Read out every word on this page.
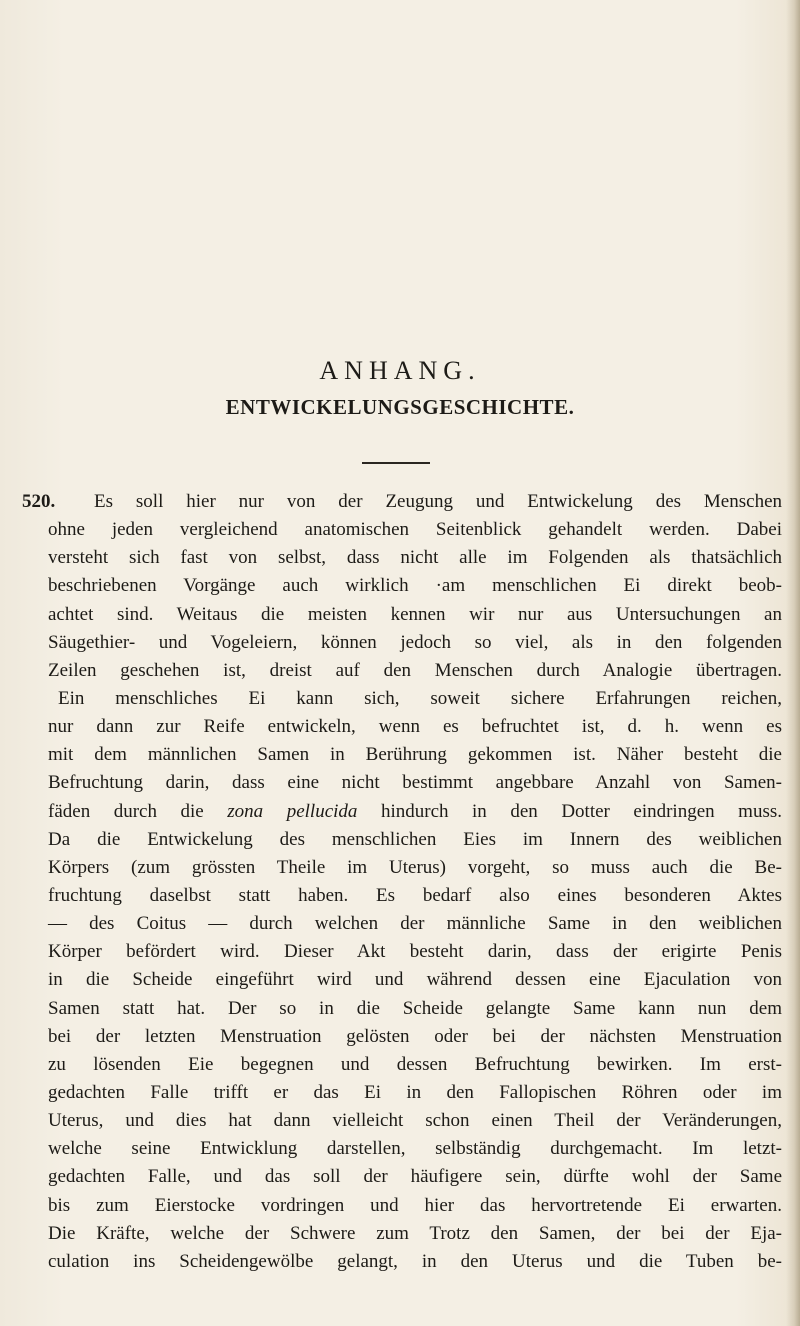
ANHANG.
ENTWICKELUNGSGESCHICHTE.
520.	Es soll hier nur von der Zeugung und Entwickelung des Menschen
ohne jeden vergleichend anatomischen Seitenblick gehandelt werden. Dabei
versteht sich fast von selbst, dass nicht alle im Folgenden als thatsächlich
beschriebenen Vorgänge auch wirklich ·am menschlichen Ei direkt beob-
achtet sind. Weitaus die meisten kennen wir nur aus Untersuchungen an
Säugethier- und Vogeleiern, können jedoch so viel, als in den folgenden
Zeilen geschehen ist, dreist auf den Menschen durch Analogie übertragen.
Ein menschliches Ei kann sich, soweit sichere Erfahrungen reichen,
nur dann zur Reife entwickeln, wenn es befruchtet ist, d. h. wenn es
mit dem männlichen Samen in Berührung gekommen ist. Näher besteht die
Befruchtung darin, dass eine nicht bestimmt angebbare Anzahl von Samen-
fäden durch die zona pellucida hindurch in den Dotter eindringen muss.
Da die Entwickelung des menschlichen Eies im Innern des weiblichen
Körpers (zum grössten Theile im Uterus) vorgeht, so muss auch die Be-
fruchtung daselbst statt haben. Es bedarf also eines besonderen Aktes
— des Coitus — durch welchen der männliche Same in den weiblichen
Körper befördert wird. Dieser Akt besteht darin, dass der erigirte Penis
in die Scheide eingeführt wird und während dessen eine Ejaculation von
Samen statt hat. Der so in die Scheide gelangte Same kann nun dem
bei der letzten Menstruation gelösten oder bei der nächsten Menstruation
zu lösenden Eie begegnen und dessen Befruchtung bewirken. Im erst-
gedachten Falle trifft er das Ei in den Fallopischen Röhren oder im
Uterus, und dies hat dann vielleicht schon einen Theil der Veränderungen,
welche seine Entwicklung darstellen, selbständig durchgemacht. Im letzt-
gedachten Falle, und das soll der häufigere sein, dürfte wohl der Same
bis zum Eierstocke vordringen und hier das hervortretende Ei erwarten.
Die Kräfte, welche der Schwere zum Trotz den Samen, der bei der Eja-
culation ins Scheidengewölbe gelangt, in den Uterus und die Tuben be-
